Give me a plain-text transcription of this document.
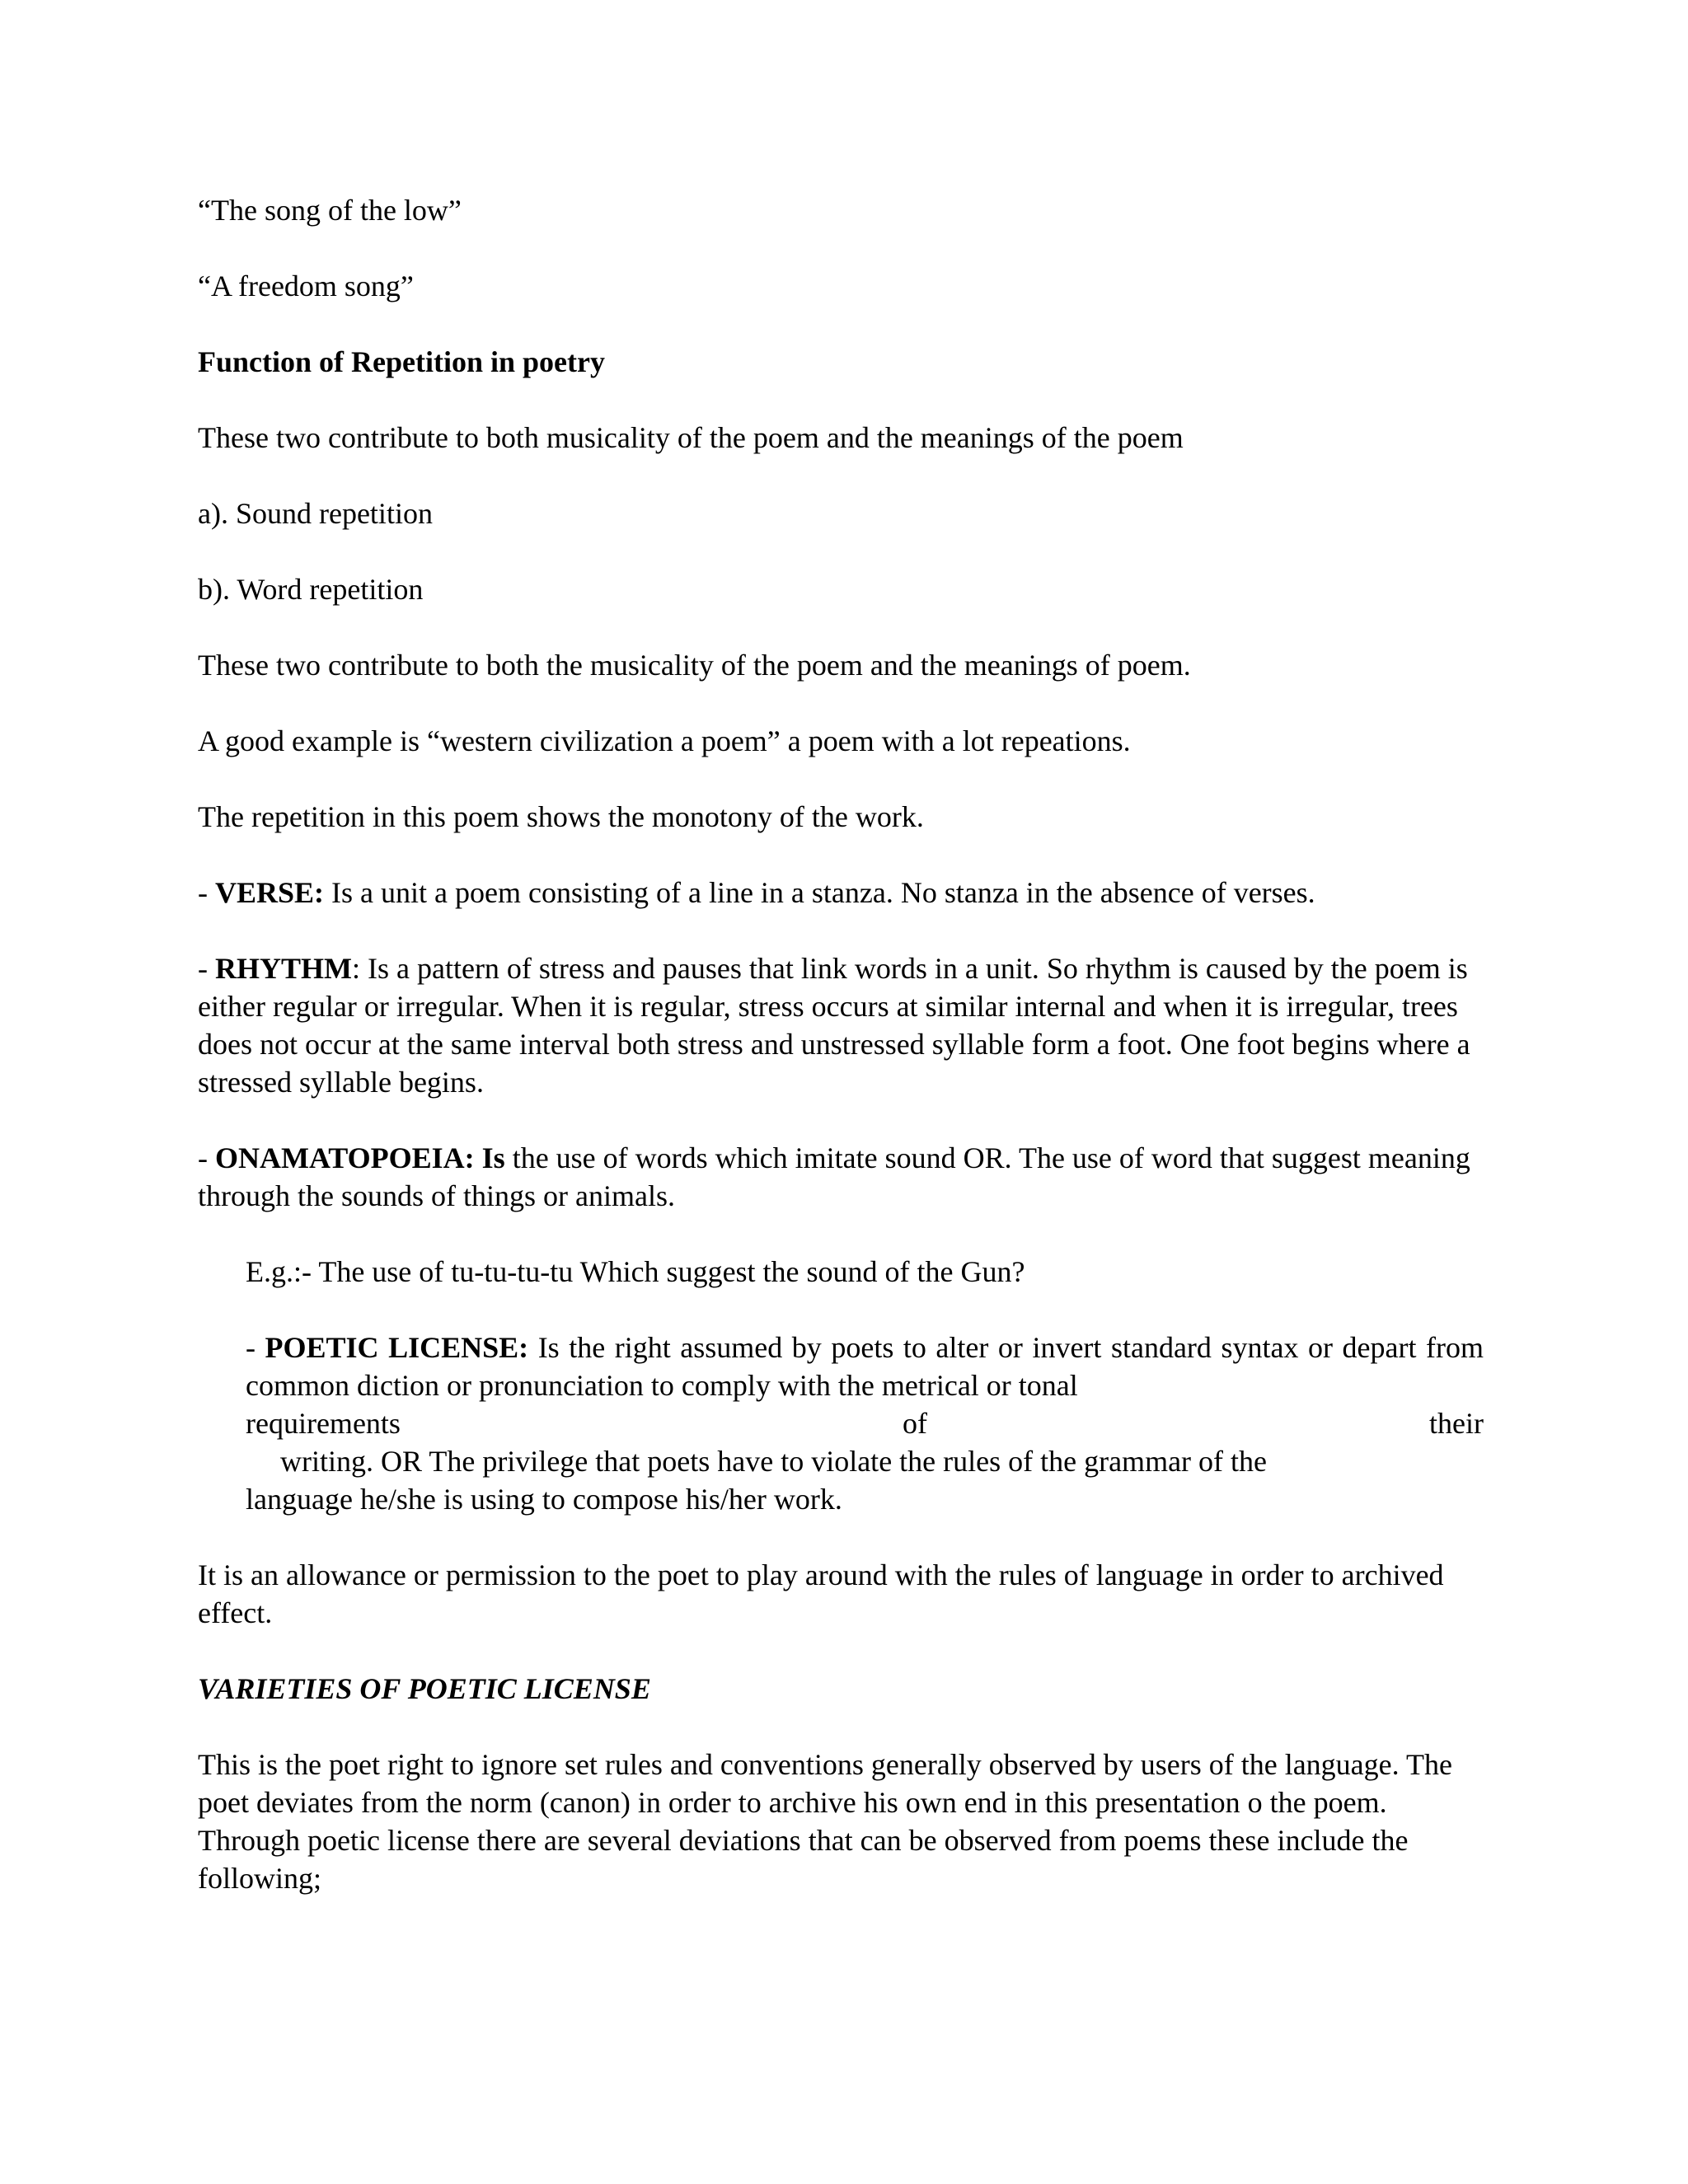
“The song of the low”

“A freedom song”

Function of Repetition in poetry

These two contribute to both musicality of the poem and the meanings of the poem

a). Sound repetition

b). Word repetition

These two contribute to both the musicality of the poem and the meanings of poem.

A good example is “western civilization a poem” a poem with a lot repeations.

The repetition in this poem shows the monotony of the work.

- VERSE: Is a unit a poem consisting of a line in a stanza. No stanza in the absence of verses.

- RHYTHM: Is a pattern of stress and pauses that link words in a unit. So rhythm is caused by the poem is either regular or irregular. When it is regular, stress occurs at similar internal and when it is irregular, trees does not occur at the same interval both stress and unstressed syllable form a foot. One foot begins where a stressed syllable begins.

- ONAMATOPOEIA: Is the use of words which imitate sound OR. The use of word that suggest meaning through the sounds of things or animals.

E.g.:- The use of tu-tu-tu-tu Which suggest the sound of the Gun?

- POETIC LICENSE: Is the right assumed by poets to alter or invert standard syntax or depart from common diction or pronunciation to comply with the metrical or tonal

requirements	of	their

writing. OR The privilege that poets have to violate the rules of the grammar of the

language he/she is using to compose his/her work.

It is an allowance or permission to the poet to play around with the rules of language in order to archived effect.

VARIETIES OF POETIC LICENSE

This is the poet right to ignore set rules and conventions generally observed by users of the language. The poet deviates from the norm (canon) in order to archive his own end in this presentation o the poem. Through poetic license there are several deviations that can be observed from poems these include the following;
